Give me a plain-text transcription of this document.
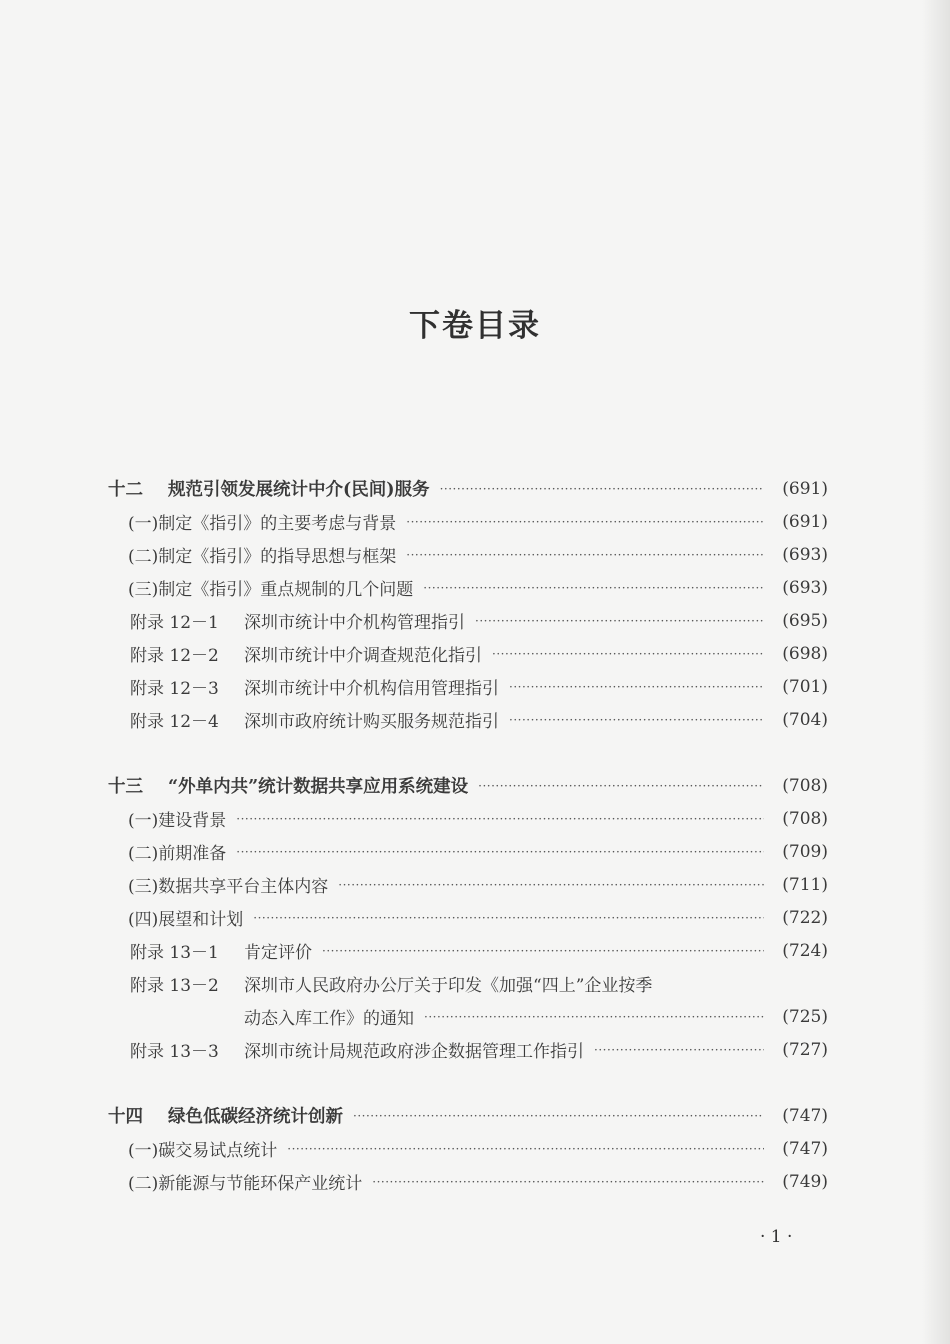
下卷目录
十二	规范引领发展统计中介(民间)服务 ·····	(691)
(一) 制定《指引》的主要考虑与背景 ·····	(691)
(二) 制定《指引》的指导思想与框架 ·····	(693)
(三) 制定《指引》重点规制的几个问题 ·····	(693)
附录 12－1	深圳市统计中介机构管理指引 ·····	(695)
附录 12－2	深圳市统计中介调查规范化指引 ·····	(698)
附录 12－3	深圳市统计中介机构信用管理指引 ·····	(701)
附录 12－4	深圳市政府统计购买服务规范指引 ·····	(704)
十三	“外单内共”统计数据共享应用系统建设 ·····	(708)
(一) 建设背景 ·····	(708)
(二) 前期准备 ·····	(709)
(三) 数据共享平台主体内容 ·····	(711)
(四) 展望和计划 ·····	(722)
附录 13－1	肯定评价 ·····	(724)
附录 13－2	深圳市人民政府办公厅关于印发《加强“四上”企业按季
动态入库工作》的通知 ·····	(725)
附录 13－3	深圳市统计局规范政府涉企数据管理工作指引 ·····	(727)
十四	绿色低碳经济统计创新 ·····	(747)
(一) 碳交易试点统计 ·····	(747)
(二) 新能源与节能环保产业统计 ·····	(749)
· 1 ·
